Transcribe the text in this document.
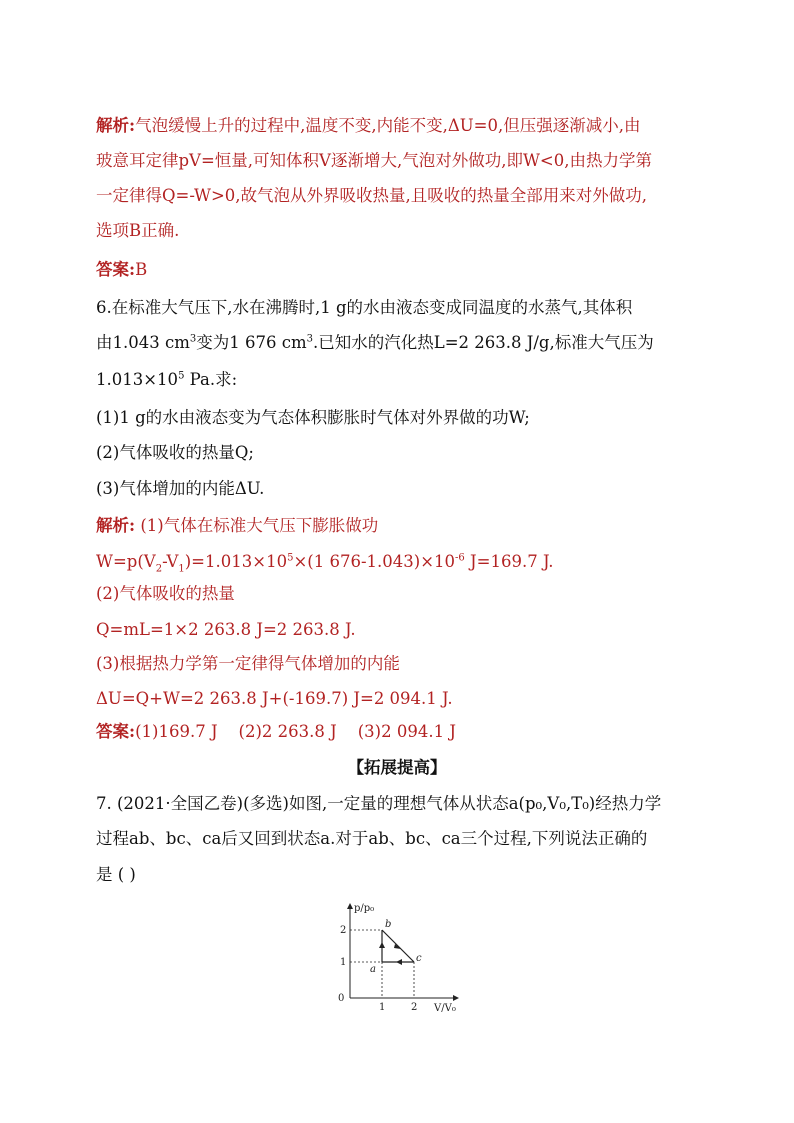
解析:气泡缓慢上升的过程中,温度不变,内能不变,ΔU=0,但压强逐渐减小,由
玻意耳定律pV=恒量,可知体积V逐渐增大,气泡对外做功,即W<0,由热力学第
一定律得Q=-W>0,故气泡从外界吸收热量,且吸收的热量全部用来对外做功,
选项B正确.
答案:B
6.在标准大气压下,水在沸腾时,1 g的水由液态变成同温度的水蒸气,其体积
由1.043 $cm^3$变为1 676 $cm^3$.已知水的汽化热L=2 263.8 J/g,标准大气压为
$1.013\times 10^5$ Pa.求:
(1)1 g的水由液态变为气态体积膨胀时气体对外界做的功W;
(2)气体吸收的热量Q;
(3)气体增加的内能ΔU.
解析: (1)气体在标准大气压下膨胀做功
$W=p(V_2-V_1)=1.013\times 10^5\times(1$ $676-1.043)\times 10^{-6}$ J=169.7 J.
(2)气体吸收的热量
Q=mL=1×2 263.8 J=2 263.8 J.
(3)根据热力学第一定律得气体增加的内能
ΔU=Q+W=2 263.8 J+(-169.7) J=2 094.1 J.
答案:(1)169.7 J    (2)2 263.8 J    (3)2 094.1 J
【拓展提高】
7. (2021·全国乙卷)(多选)如图,一定量的理想气体从状态a(p₀,V₀,T₀)经热力学
过程ab、bc、ca后又回到状态a.对于ab、bc、ca三个过程,下列说法正确的
是 ( )
p/p₀
V/V₀
0
2
1
1	2
a
b
c
